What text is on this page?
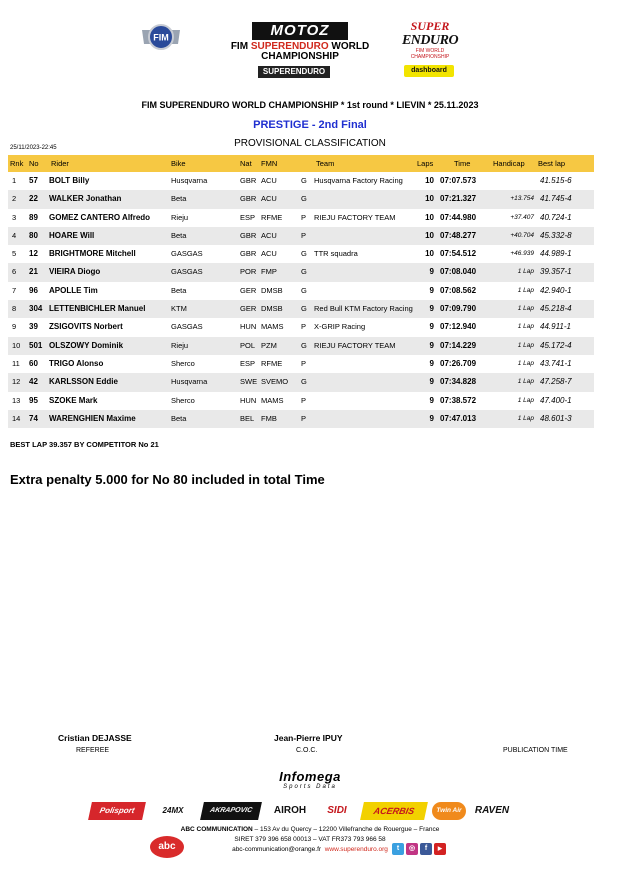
FIM	MOTOZ
FIM SUPERENDURO WORLD
CHAMPIONSHIP
SUPERENDURO
SUPER
ENDURO
FIM WORLD CHAMPIONSHIP
dashboard
FIM SUPERENDURO WORLD CHAMPIONSHIP * 1st round * LIEVIN * 25.11.2023
PRESTIGE - 2nd Final
PROVISIONAL CLASSIFICATION
25/11/2023-22:45
Rnk No Rider	Bike	Nat FMN	Team	Laps	Time	Handicap Best lap
1 57 BOLT Billy	Husqvarna	GBR ACU	G Husqvarna Factory Racing	10 07:07.573	41.515-6
2 22 WALKER Jonathan	Beta	GBR ACU	G	10 07:21.327	+13.754 41.745-4
3 89 GOMEZ CANTERO Alfredo	Rieju	ESP RFME	P RIEJU FACTORY TEAM	10 07:44.980	+37.407 40.724-1
4 80 HOARE Will	Beta	GBR ACU	P	10 07:48.277	+40.704 45.332-8
5 12 BRIGHTMORE Mitchell	GASGAS	GBR ACU	G TTR squadra	10 07:54.512	+46.939 44.989-1
6 21 VIEIRA Diogo	GASGAS	POR FMP	G	9 07:08.040	1 Lap 39.357-1
7 96 APOLLE Tim	Beta	GER DMSB G	9 07:08.562	1 Lap 42.940-1
8 304 LETTENBICHLER Manuel	KTM	GER DMSB G Red Bull KTM Factory Racing	9 07:09.790	1 Lap 45.218-4
9 39 ZSIGOVITS Norbert	GASGAS	HUN MAMS P X-GRIP Racing	9 07:12.940	1 Lap 44.911-1
10 501 OLSZOWY Dominik	Rieju	POL PZM	G RIEJU FACTORY TEAM	9 07:14.229	1 Lap 45.172-4
11 60 TRIGO Alonso	Sherco	ESP RFME	P	9 07:26.709	1 Lap 43.741-1
12 42 KARLSSON Eddie	Husqvarna	SWE SVEMO G	9 07:34.828	1 Lap 47.258-7
13 95 SZOKE Mark	Sherco	HUN MAMS P	9 07:38.572	1 Lap 47.400-1
14 74 WARENGHIEN Maxime	Beta	BEL FMB	P	9 07:47.013	1 Lap 48.601-3
BEST LAP 39.357 BY COMPETITOR No 21
Extra penalty 5.000 for No 80 included in total Time
Cristian DEJASSE
REFEREE
Jean-Pierre IPUY
C.O.C.	PUBLICATION TIME
Infomega
Sports Data
Polisport	24MX	AKRAPOVIC	AIROH	SIDI	ACERBIS	Twin Air	RAVEN
abc
ABC COMMUNICATION – 153 Av du Quercy – 12200 Villefranche de Rouergue – France
SIRET 379 396 658 00013 – VAT FR373 793 966 58
abc-communication@orange.fr www.superenduro.org	t	◎	f	▶
